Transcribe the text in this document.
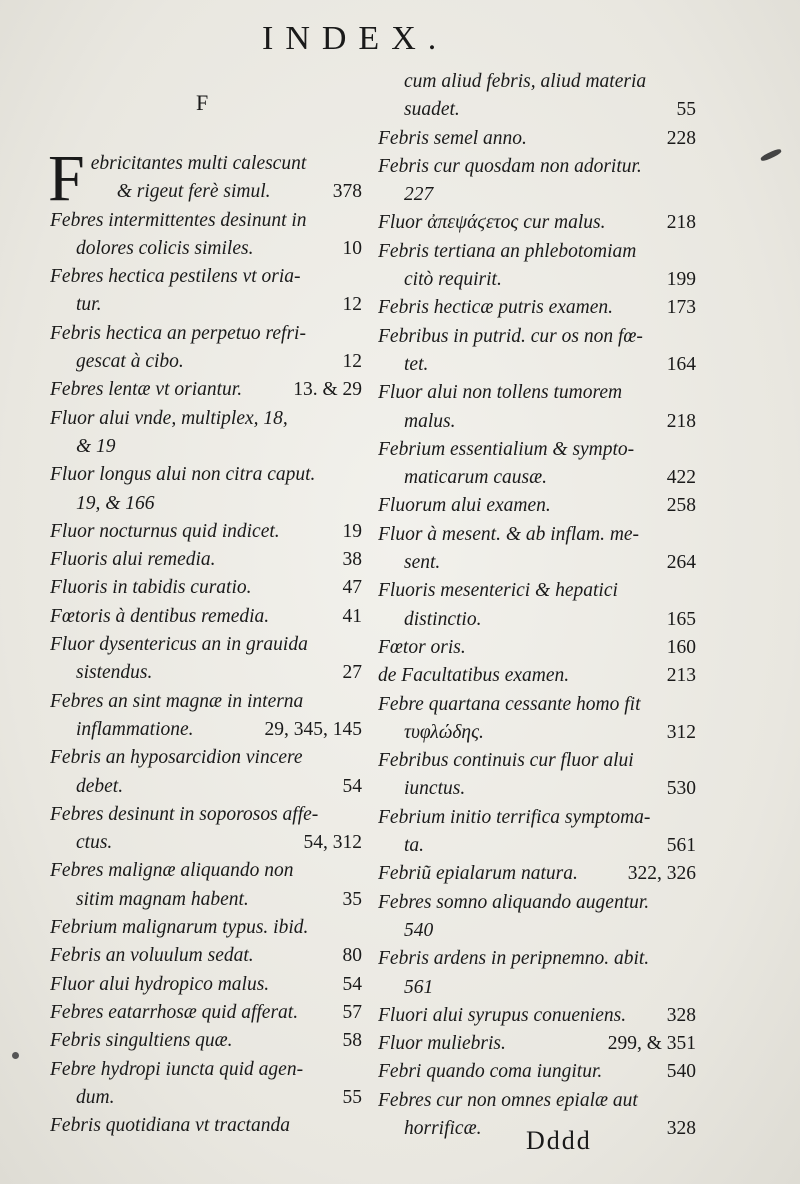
INDEX.
F
F ebricitantes multi calescunt
& rigeut ferè simul.	378
Febres intermittentes desinunt in
dolores colicis similes.	10
Febres hectica pestilens vt oria-
tur.	12
Febris hectica an perpetuo refri-
gescat à cibo.	12
Febres lentæ vt oriantur.	13. & 29
Fluor alui vnde, multiplex, 18,
& 19
Fluor longus alui non citra caput.
19, & 166
Fluor nocturnus quid indicet.	19
Fluoris alui remedia.	38
Fluoris in tabidis curatio.	47
Fœtoris à dentibus remedia.	41
Fluor dysentericus an in grauida
sistendus.	27
Febres an sint magnæ in interna
inflammatione.	29, 345, 145
Febris an hyposarcidion vincere
debet.	54
Febres desinunt in soporosos affe-
ctus.	54, 312
Febres malignæ aliquando non
sitim magnam habent.	35
Febrium malignarum typus. ibid.
Febris an voluulum sedat.	80
Fluor alui hydropico malus.	54
Febres eatarrhosæ quid afferat. 57
Febris singultiens quæ.	58
Febre hydropi iuncta quid agen-
dum.	55
Febris quotidiana vt tractanda
cum aliud febris, aliud materia
suadet.	55
Febris semel anno.	228
Febris cur quosdam non adoritur.
227
Fluor ἀπεψάϛετος cur malus.	218
Febris tertiana an phlebotomiam
citò requirit.	199
Febris hecticæ putris examen.	173
Febribus in putrid. cur os non fœ-
tet.	164
Fluor alui non tollens tumorem
malus.	218
Febrium essentialium & sympto-
maticarum causæ.	422
Fluorum alui examen.	258
Fluor à mesent. & ab inflam. me-
sent.	264
Fluoris mesenterici & hepatici
distinctio.	165
Fœtor oris.	160
de Facultatibus examen.	213
Febre quartana cessante homo fit
τυφλώδης.	312
Febribus continuis cur fluor alui
iunctus.	530
Febrium initio terrifica symptoma-
ta.	561
Febriũ epialarum natura.	322, 326
Febres somno aliquando augentur.
540
Febris ardens in peripnemno. abit.
561
Fluori alui syrupus conueniens. 328
Fluor muliebris.	299, & 351
Febri quando coma iungitur.	540
Febres cur non omnes epialæ aut
horrificæ.	328
Dddd
